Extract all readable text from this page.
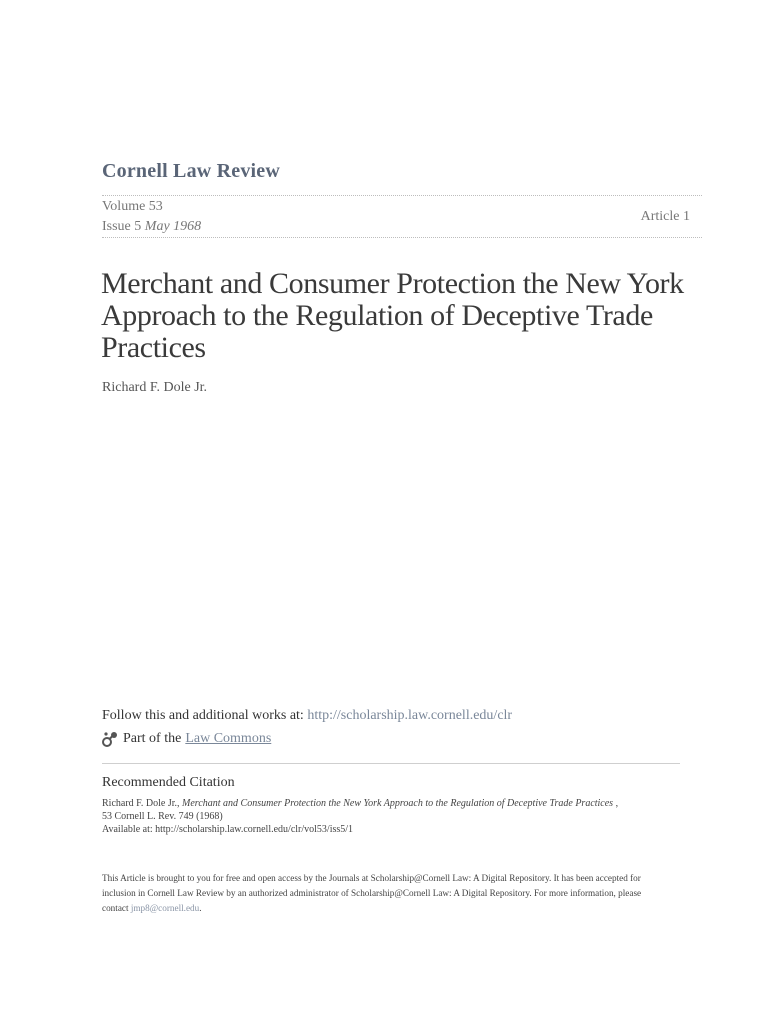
Cornell Law Review
Volume 53
Issue 5 May 1968
Article 1
Merchant and Consumer Protection the New York Approach to the Regulation of Deceptive Trade Practices
Richard F. Dole Jr.
Follow this and additional works at: http://scholarship.law.cornell.edu/clr
Part of the Law Commons
Recommended Citation
Richard F. Dole Jr., Merchant and Consumer Protection the New York Approach to the Regulation of Deceptive Trade Practices ,
53 Cornell L. Rev. 749 (1968)
Available at: http://scholarship.law.cornell.edu/clr/vol53/iss5/1
This Article is brought to you for free and open access by the Journals at Scholarship@Cornell Law: A Digital Repository. It has been accepted for inclusion in Cornell Law Review by an authorized administrator of Scholarship@Cornell Law: A Digital Repository. For more information, please contact jmp8@cornell.edu.
